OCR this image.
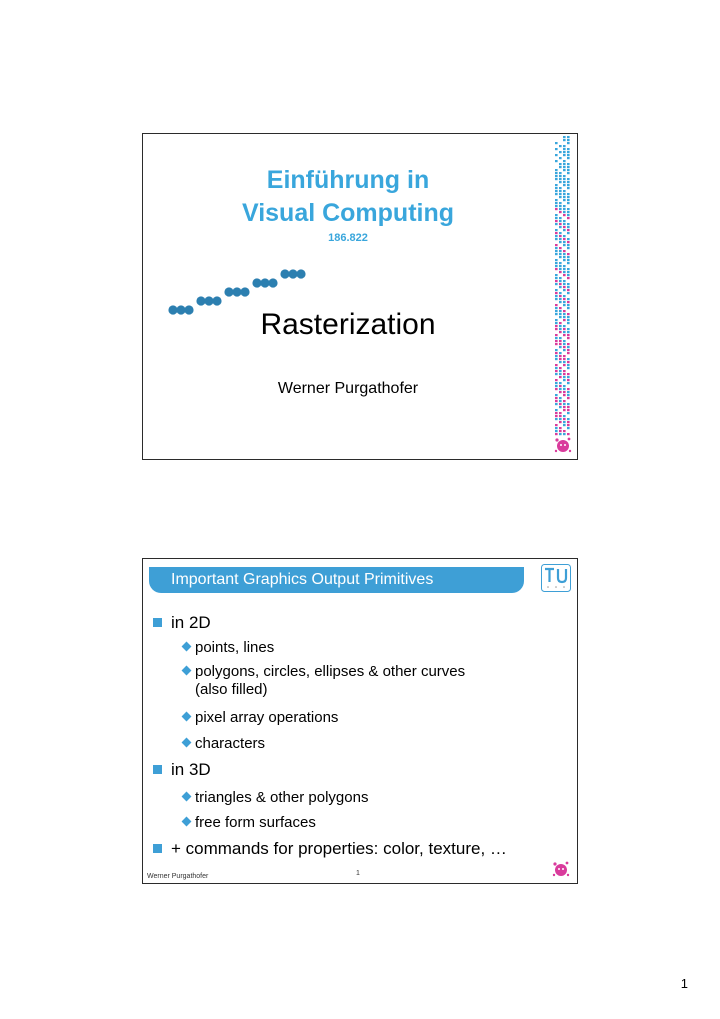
Einführung in
Visual Computing
186.822
Rasterization
Werner Purgathofer
Important Graphics Output Primitives
in 2D
points, lines
polygons, circles, ellipses & other curves
(also filled)
pixel array operations
characters
in 3D
triangles & other polygons
free form surfaces
+ commands for properties: color, texture, …
Werner Purgathofer	1
1
